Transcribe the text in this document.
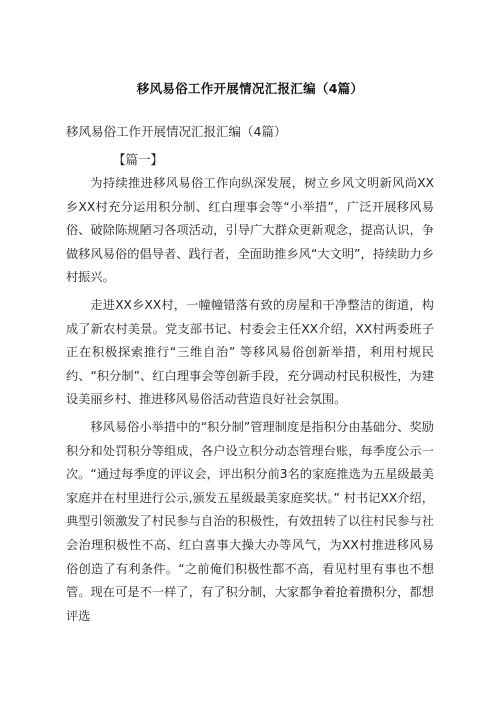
移风易俗工作开展情况汇报汇编（4篇）
移风易俗工作开展情况汇报汇编（4篇）
【篇一】

为持续推进移风易俗工作向纵深发展，树立乡风文明新风尚XX乡XX村充分运用积分制、红白理事会等“小举措”，广泛开展移风易俗、破除陈规陋习各项活动，引导广大群众更新观念，提高认识，争做移风易俗的倡导者、践行者，全面助推乡风“大文明”，持续助力乡村振兴。

走进XX乡XX村，一幢幢错落有致的房屋和干净整洁的街道，构成了新农村美景。党支部书记、村委会主任XX介绍，XX村两委班子正在积极探索推行“三维自治” 等移风易俗创新举措，利用村规民约、“积分制”、红白理事会等创新手段，充分调动村民积极性，为建设美丽乡村、推进移风易俗活动营造良好社会氛围。

移风易俗小举措中的“积分制”管理制度是指积分由基础分、奖励积分和处罚积分等组成，各户设立积分动态管理台账，每季度公示一次。“通过每季度的评议会，评出积分前3名的家庭推选为五星级最美家庭并在村里进行公示,颁发五星级最美家庭奖状。” 村书记XX介绍，典型引领激发了村民参与自治的积极性，有效扭转了以往村民参与社会治理积极性不高、红白喜事大操大办等风气，为XX村推进移风易俗创造了有利条件。“之前俺们积极性都不高，看见村里有事也不想管。现在可是不一样了，有了积分制，大家都争着抢着攒积分，都想评选
